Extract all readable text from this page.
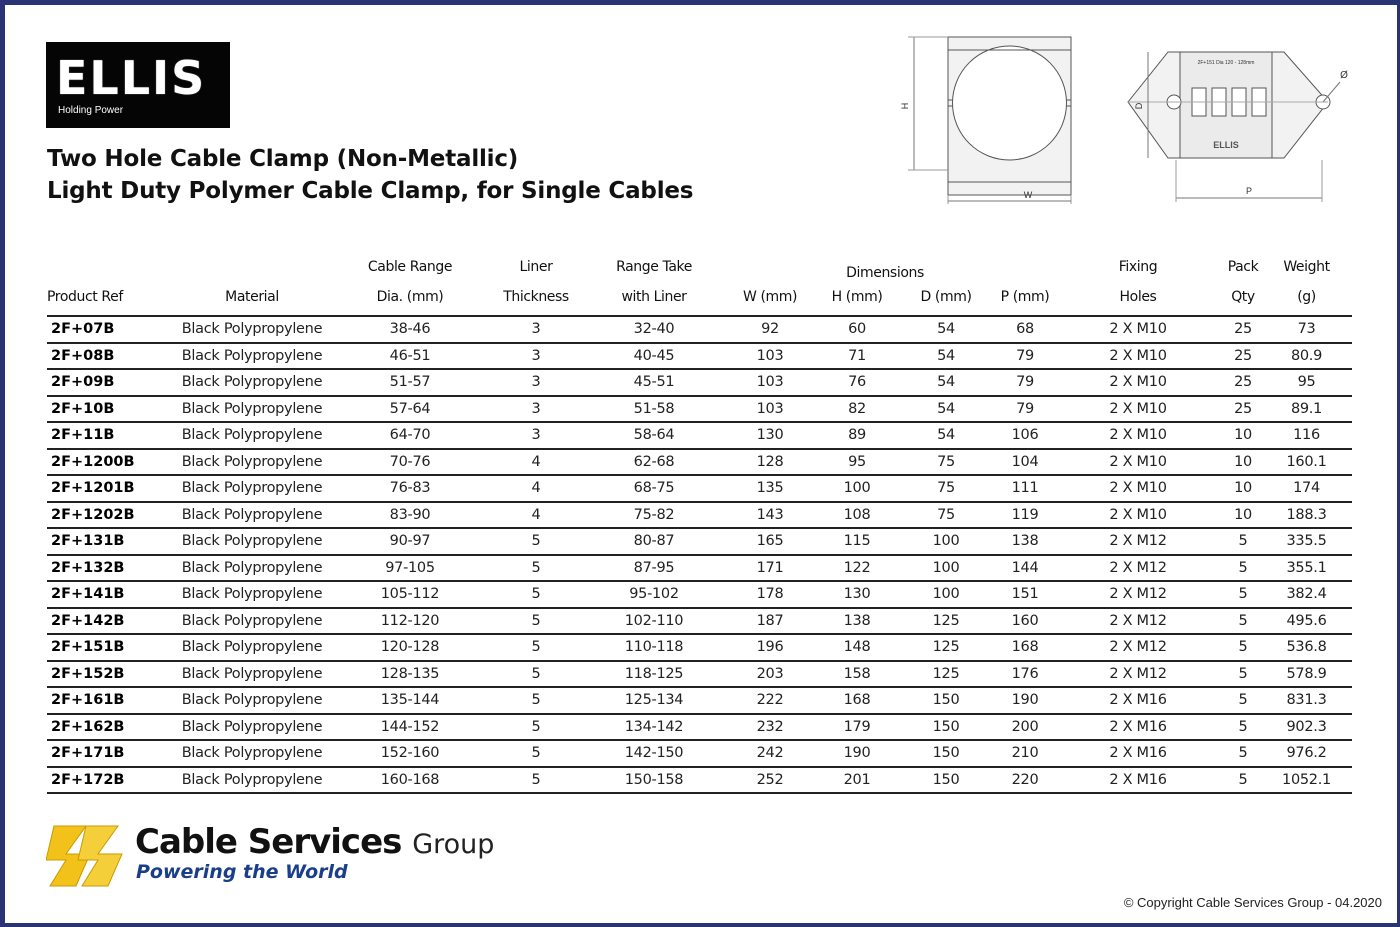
ELLIS
Holding Power
Two Hole Cable Clamp (Non-Metallic)
Light Duty Polymer Cable Clamp, for Single Cables
H
W
D
P
Ø
2F+151 Dia 120 - 128mm
ELLIS
		Cable Range	Liner	Range Take	Dimensions				Fixing	Pack	Weight
Product Ref	Material	Dia. (mm)	Thickness	with Liner	W (mm)	H (mm)	D (mm)	P (mm)	Holes	Qty	(g)
2F+07B	Black Polypropylene	38-46	3	32-40	92	60	54	68	2 X M10	25	73
2F+08B	Black Polypropylene	46-51	3	40-45	103	71	54	79	2 X M10	25	80.9
2F+09B	Black Polypropylene	51-57	3	45-51	103	76	54	79	2 X M10	25	95
2F+10B	Black Polypropylene	57-64	3	51-58	103	82	54	79	2 X M10	25	89.1
2F+11B	Black Polypropylene	64-70	3	58-64	130	89	54	106	2 X M10	10	116
2F+1200B	Black Polypropylene	70-76	4	62-68	128	95	75	104	2 X M10	10	160.1
2F+1201B	Black Polypropylene	76-83	4	68-75	135	100	75	111	2 X M10	10	174
2F+1202B	Black Polypropylene	83-90	4	75-82	143	108	75	119	2 X M10	10	188.3
2F+131B	Black Polypropylene	90-97	5	80-87	165	115	100	138	2 X M12	5	335.5
2F+132B	Black Polypropylene	97-105	5	87-95	171	122	100	144	2 X M12	5	355.1
2F+141B	Black Polypropylene	105-112	5	95-102	178	130	100	151	2 X M12	5	382.4
2F+142B	Black Polypropylene	112-120	5	102-110	187	138	125	160	2 X M12	5	495.6
2F+151B	Black Polypropylene	120-128	5	110-118	196	148	125	168	2 X M12	5	536.8
2F+152B	Black Polypropylene	128-135	5	118-125	203	158	125	176	2 X M12	5	578.9
2F+161B	Black Polypropylene	135-144	5	125-134	222	168	150	190	2 X M16	5	831.3
2F+162B	Black Polypropylene	144-152	5	134-142	232	179	150	200	2 X M16	5	902.3
2F+171B	Black Polypropylene	152-160	5	142-150	242	190	150	210	2 X M16	5	976.2
2F+172B	Black Polypropylene	160-168	5	150-158	252	201	150	220	2 X M16	5	1052.1
Cable Services Group
Powering the World
© Copyright Cable Services Group - 04.2020
